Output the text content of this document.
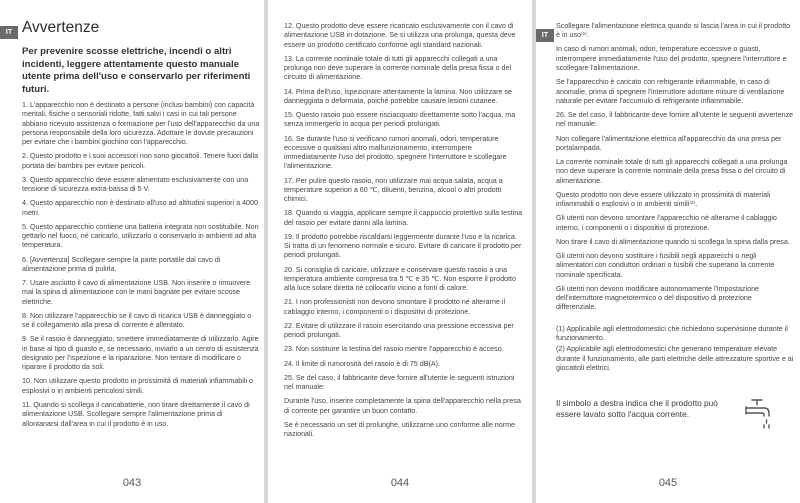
IT Avvertenze

Per prevenire scosse elettriche, incendi o altri incidenti, leggere attentamente questo manuale utente prima dell'uso e conservarlo per riferimenti futuri.

1. L'apparecchio non è destinato a persone (inclusi bambini) con capacità mentali, fisiche o sensoriali ridotte, fatti salvi i casi in cui tali persone abbiano ricevuto assistenza o formazione per l'uso dell'apparecchio da una persona responsabile della loro sicurezza. Adottare le dovute precauzioni per evitare che i bambini giochino con l'apparecchio.

2. Questo prodotto e i suoi accessori non sono giocattoli. Tenere fuori dalla portata dei bambini per evitare pericoli.

3. Questo apparecchio deve essere alimentato esclusivamente con una tensione di sicurezza extra-bassa di 5 V.

4. Questo apparecchio non è destinato all'uso ad altitudini superiori a 4000 metri.

5. Questo apparecchio contiene una batteria integrata non sostituibile. Non gettarlo nel fuoco, né caricarlo, utilizzarlo o conservarlo in ambienti ad alta temperatura.

6. [Avvertenza] Scollegare sempre la parte portatile dal cavo di alimentazione prima di pulirla.

7. Usare asciutto il cavo di alimentazione USB. Non inserire o rimuovere mai la spina di alimentazione con le mani bagnate per evitare scosse elettriche.

8. Non utilizzare l'apparecchio se il cavo di ricarica USB è danneggiato o se il collegamento alla presa di corrente è allentato.

9. Se il rasoio è danneggiato, smettere immediatamente di utilizzarlo. Agire in base al tipo di guasto e, se necessario, inviarlo a un centro di assistenza designato per l'ispezione e la riparazione. Non tentare di modificare o riparare il prodotto da soli.

10. Non utilizzare questo prodotto in prossimità di materiali infiammabili o esplosivi o in ambienti pericolosi simili.

11. Quando si scollega il caricabatterie, non tirare direttamente il cavo di alimentazione USB. Scollegare sempre l'alimentazione prima di allontanarsi dall'area in cui il prodotto è in uso.

043

12. Questo prodotto deve essere ricaricato esclusivamente con il cavo di alimentazione USB in dotazione. Se si utilizza una prolunga, questa deve essere un prodotto certificato conforme agli standard nazionali.

13. La corrente nominale totale di tutti gli apparecchi collegati a una prolunga non deve superare la corrente nominale della presa fissa o del circuito di alimentazione.

14. Prima dell'uso, ispezionare attentamente la lamina. Non utilizzare se danneggiata o deformata, poiché potrebbe causare lesioni cutanee.

15. Questo rasoio può essere risciacquato direttamente sotto l'acqua, ma senza immergerlo in acqua per periodi prolungati.

16. Se durante l'uso si verificano rumori anomali, odori, temperature eccessive o qualsiasi altro malfunzionamento, interrompere immediatamente l'uso del prodotto, spegnere l'interruttore e scollegare l'alimentazione.

17. Per pulire questo rasoio, non utilizzare mai acqua salata, acqua a temperature superiori a 60 ℃, diluenti, benzina, alcool o altri prodotti chimici.

18. Quando si viaggia, applicare sempre il cappuccio protettivo sulla testina del rasoio per evitare danni alla lamina.

19. Il prodotto potrebbe riscaldarsi leggermente durante l'uso e la ricarica. Si tratta di un fenomeno normale e sicuro. Evitare di caricare il prodotto per periodi prolungati.

20. Si consiglia di caricare, utilizzare e conservare questo rasoio a una temperatura ambiente compresa tra 5 ℃ e 35 ℃. Non esporre il prodotto alla luce solare diretta né collocarlo vicino a fonti di calore.

21. I non professionisti non devono smontare il prodotto né alterarne il cablaggio interno, i componenti o i dispositivi di protezione.

22. Evitare di utilizzare il rasoio esercitando una pressione eccessiva per periodi prolungati.

23. Non sostituire la testina del rasoio mentre l'apparecchio è acceso.

24. Il limite di rumorosità del rasoio è di 75 dB(A).

25. Se del caso, il fabbricante deve fornire all'utente le seguenti istruzioni nel manuale:

Durante l'uso, inserire completamente la spina dell'apparecchio nella presa di corrente per garantire un buon contatto.

Se è necessario un set di prolunghe, utilizzarne uno conforme alle norme nazionali.

044

IT

Scollegare l'alimentazione elettrica quando si lascia l'area in cui il prodotto è in uso⁽¹⁾.

In caso di rumori anomali, odori, temperature eccessive o guasti, interrompere immediatamente l'uso del prodotto, spegnere l'interruttore e scollegare l'alimentazione.

Se l'apparecchio è caricato con refrigerante infiammabile, in caso di anomalie, prima di spegnere l'interruttore adottare misure di ventilazione naturale per evitare l'accumulo di refrigerante infiammabile.

26. Se del caso, il fabbricante deve fornire all'utente le seguenti avvertenze nel manuale:

Non collegare l'alimentazione elettrica all'apparecchio da una presa per portalampada.

La corrente nominale totale di tutti gli apparecchi collegati a una prolunga non deve superare la corrente nominale della presa fissa o del circuito di alimentazione.

Questo prodotto non deve essere utilizzato in prossimità di materiali infiammabili o esplosivi o in ambienti simili⁽²⁾.

Gli utenti non devono smontare l'apparecchio né alterarne il cablaggio interno, i componenti o i dispositivi di protezione.

Non tirare il cavo di alimentazione quando si scollega la spina dalla presa.

Gli utenti non devono sostituire i fusibili negli apparecchi o negli alimentatori con conduttori ordinari o fusibili che superano la corrente nominale specificata.

Gli utenti non devono modificare autonomamente l'impostazione dell'interruttore magnetotermico o del dispositivo di protezione differenziale.

(1) Applicabile agli elettrodomestici che richiedono supervisione durante il funzionamento.

(2) Applicabile agli elettrodomestici che generano temperature elevate durante il funzionamento, alle parti elettriche delle attrezzature sportive e ai giocattoli elettrici.

Il simbolo a destra indica che il prodotto può essere lavato sotto l'acqua corrente.

045
